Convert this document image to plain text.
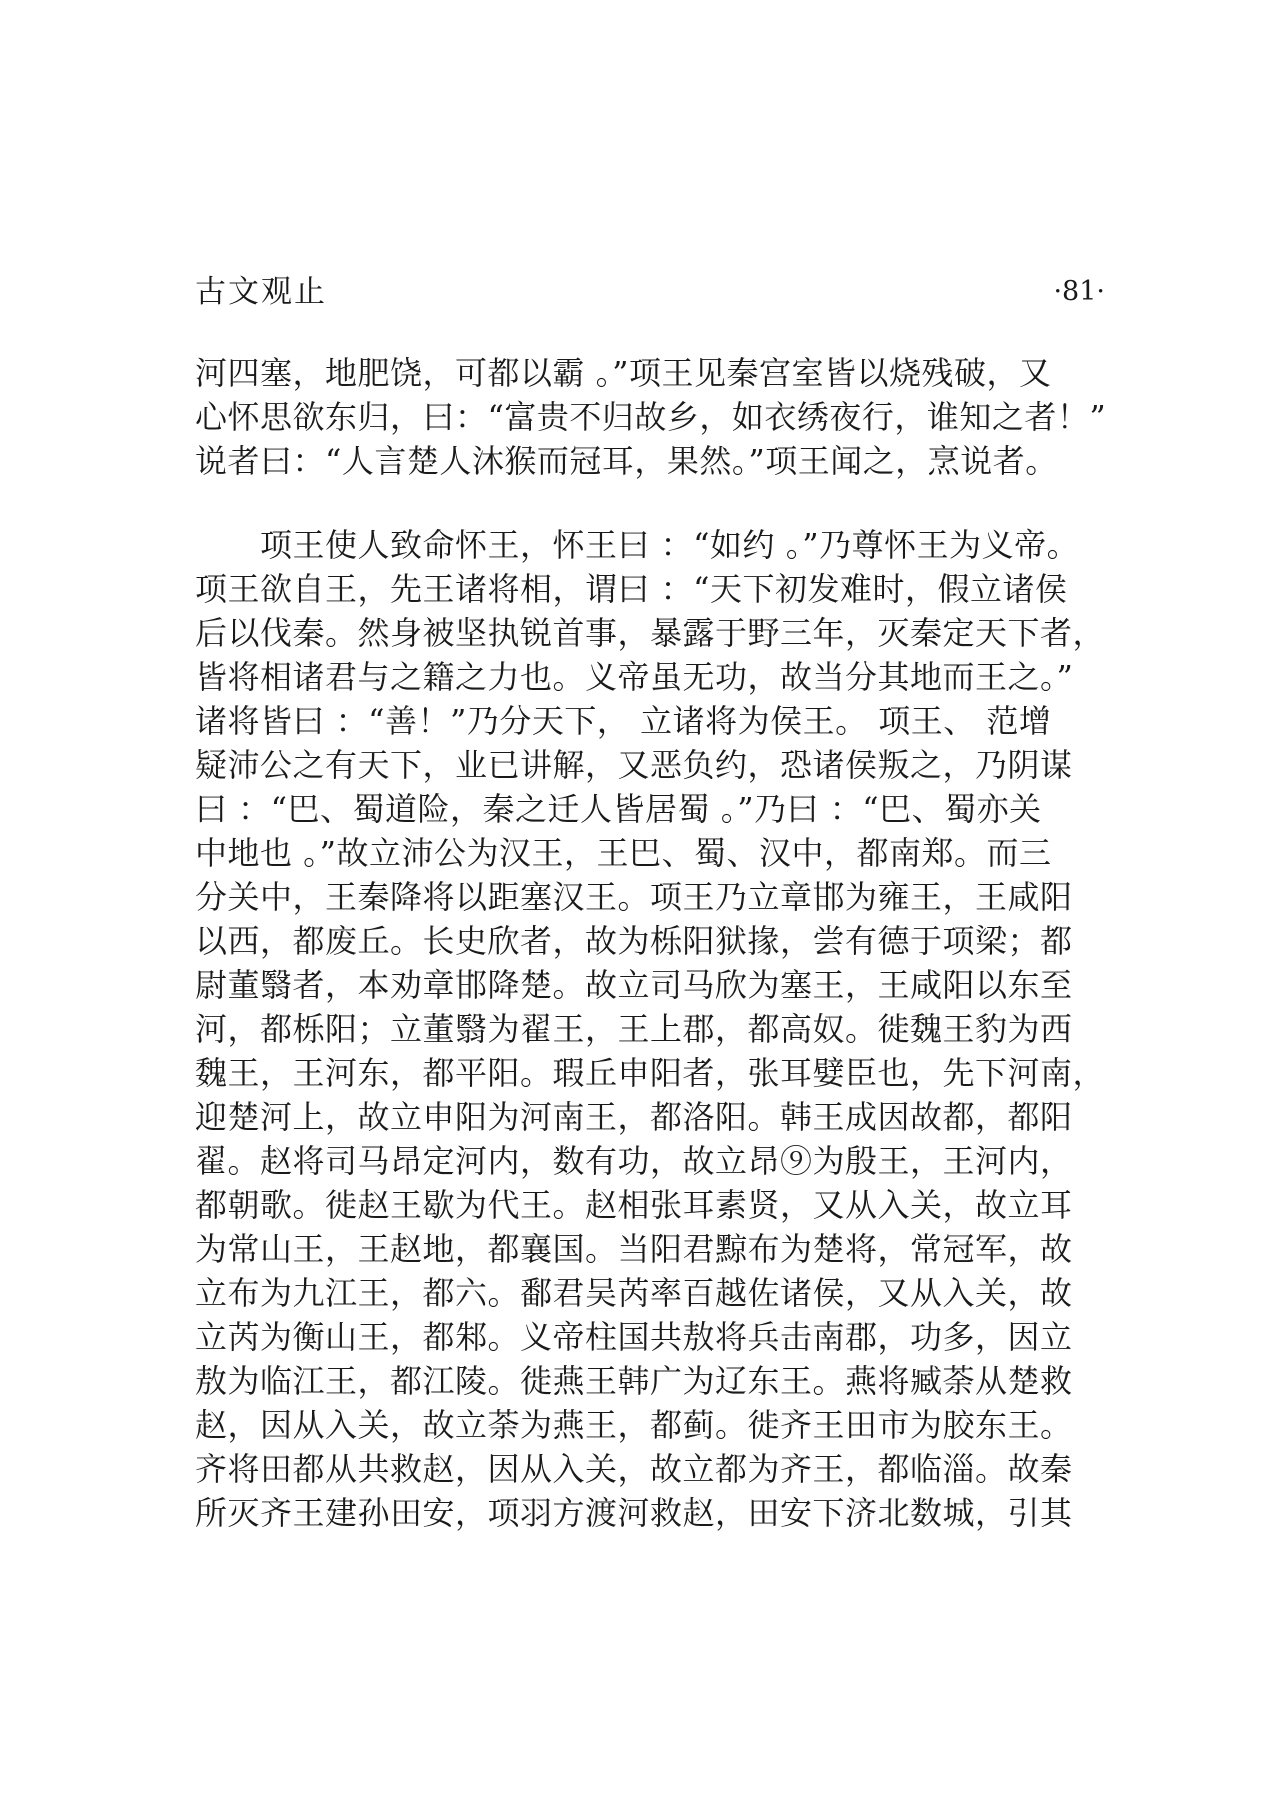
古文观止	·81·
河四塞，地肥饶，可都以霸 。”项王见秦宫室皆以烧残破，又
心怀思欲东归，曰：“富贵不归故乡，如衣绣夜行，谁知之者！”
说者曰：“人言楚人沐猴而冠耳，果然。”项王闻之，烹说者。
　　项王使人致命怀王，怀王曰 ：“如约 。”乃尊怀王为义帝。
项王欲自王，先王诸将相，谓曰 ：“天下初发难时，假立诸侯
后以伐秦。然身被坚执锐首事，暴露于野三年，灭秦定天下者，
皆将相诸君与之籍之力也。义帝虽无功，故当分其地而王之。”
诸将皆曰 ：“善！”乃分天下， 立诸将为侯王。 项王、 范增
疑沛公之有天下，业已讲解，又恶负约，恐诸侯叛之，乃阴谋
曰 ：“巴、蜀道险，秦之迁人皆居蜀 。”乃曰 ：“巴、蜀亦关
中地也 。”故立沛公为汉王，王巴、蜀、汉中，都南郑。而三
分关中，王秦降将以距塞汉王。项王乃立章邯为雍王，王咸阳
以西，都废丘。长史欣者，故为栎阳狱掾，尝有德于项梁；都
尉董翳者，本劝章邯降楚。故立司马欣为塞王，王咸阳以东至
河，都栎阳；立董翳为翟王，王上郡，都高奴。徙魏王豹为西
魏王，王河东，都平阳。瑕丘申阳者，张耳嬖臣也，先下河南，
迎楚河上，故立申阳为河南王，都洛阳。韩王成因故都，都阳
翟。赵将司马昂定河内，数有功，故立昂⑨为殷王，王河内，
都朝歌。徙赵王歇为代王。赵相张耳素贤，又从入关，故立耳
为常山王，王赵地，都襄国。当阳君黥布为楚将，常冠军，故
立布为九江王，都六。鄱君吴芮率百越佐诸侯，又从入关，故
立芮为衡山王，都邾。义帝柱国共敖将兵击南郡，功多，因立
敖为临江王，都江陵。徙燕王韩广为辽东王。燕将臧荼从楚救
赵，因从入关，故立荼为燕王，都蓟。徙齐王田市为胶东王。
齐将田都从共救赵，因从入关，故立都为齐王，都临淄。故秦
所灭齐王建孙田安，项羽方渡河救赵，田安下济北数城，引其
